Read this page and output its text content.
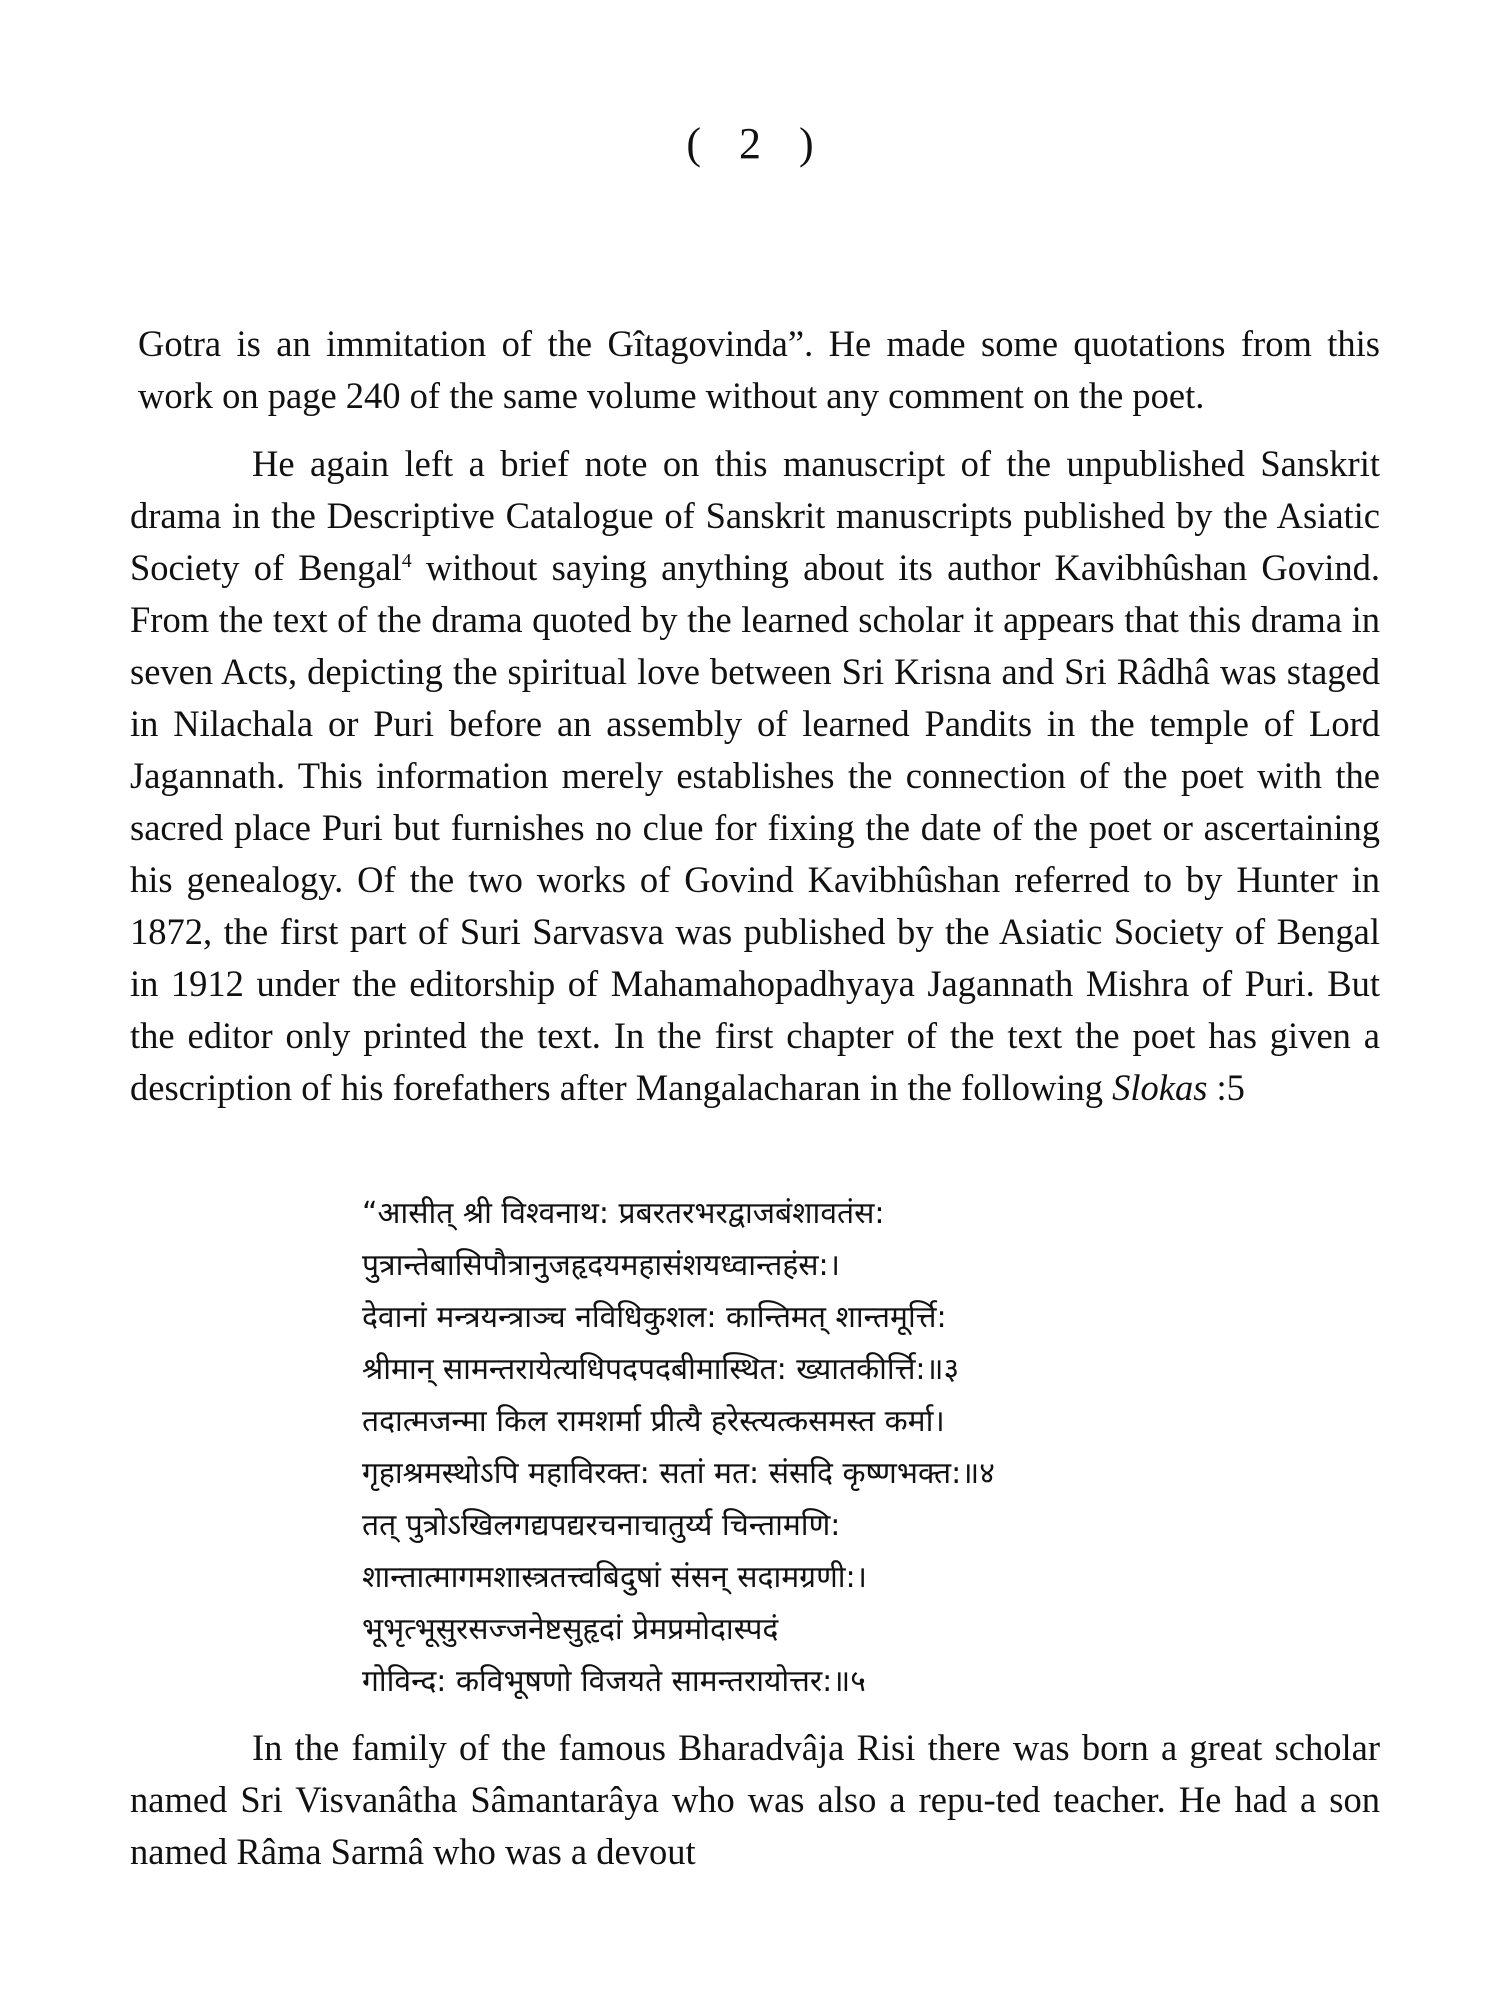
( 2 )

Gotra is an immitation of the Gîtagovinda”. He made some quotations from this work on page 240 of the same volume without any comment on the poet.

He again left a brief note on this manuscript of the unpublished Sanskrit drama in the Descriptive Catalogue of Sanskrit manuscripts published by the Asiatic Society of Bengal$^4$ without saying anything about its author Kavibhûshan Govind. From the text of the drama quoted by the learned scholar it appears that this drama in seven Acts, depicting the spiritual love between Sri Krisna and Sri Râdhâ was staged in Nilachala or Puri before an assembly of learned Pandits in the temple of Lord Jagannath. This information merely establishes the connection of the poet with the sacred place Puri but furnishes no clue for fixing the date of the poet or ascertaining his genealogy. Of the two works of Govind Kavibhûshan referred to by Hunter in 1872, the first part of Suri Sarvasva was published by the Asiatic Society of Bengal in 1912 under the editorship of Mahamahopadhyaya Jagannath Mishra of Puri. But the editor only printed the text. In the first chapter of the text the poet has given a description of his forefathers after Mangalacharan in the following Slokas :5

“आसीत् श्री विश्वनाथ: प्रबरतरभरद्वाजबंशावतंस:
पुत्रान्तेबासिपौत्रानुजहृदयमहासंशयध्वान्तहंस:।
देवानां मन्त्रयन्त्राञ्च नविधिकुशल: कान्तिमत् शान्तमूर्त्ति:
श्रीमान् सामन्तरायेत्यधिपदपदबीमास्थित: ख्यातकीर्त्ति:॥३
तदात्मजन्मा किल रामशर्मा प्रीत्यै हरेस्त्यत्कसमस्त कर्मा।
गृहाश्रमस्थोऽपि महाविरक्त: सतां मत: संसदि कृष्णभक्त:॥४
तत् पुत्रोऽखिलगद्यपद्यरचनाचातुर्य्य चिन्तामणि:
शान्तात्मागमशास्त्रतत्त्वबिदुषां संसन् सदामग्रणी:।
भूभृत्भूसुरसज्जनेष्टसुहृदां प्रेमप्रमोदास्पदं
गोविन्द: कविभूषणो विजयते सामन्तरायोत्तर:॥५

In the family of the famous Bharadvâja Risi there was born a great scholar named Sri Visvanâtha Sâmantarâya who was also a repu-ted teacher. He had a son named Râma Sarmâ who was a devout
